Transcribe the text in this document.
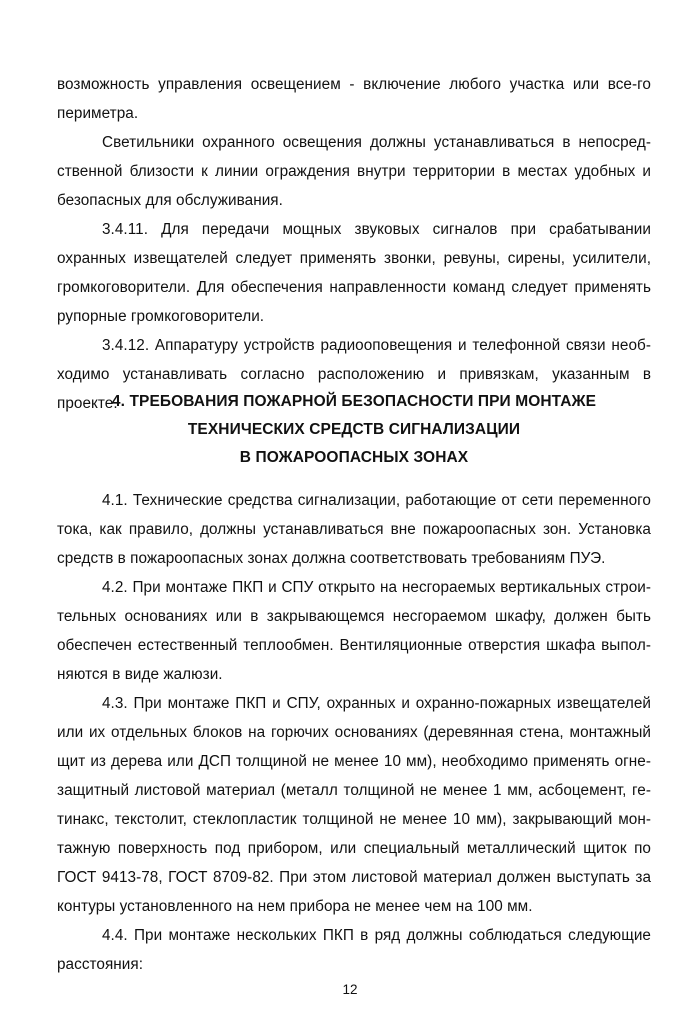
возможность управления освещением - включение любого участка или все-го периметра.

Светильники охранного освещения должны устанавливаться в непосред-ственной близости к линии ограждения внутри территории в местах удобных и безопасных для обслуживания.

3.4.11. Для передачи мощных звуковых сигналов при срабатывании охранных извещателей следует применять звонки, ревуны, сирены, усилители, громкоговорители. Для обеспечения направленности команд следует применять рупорные громкоговорители.

3.4.12. Аппаратуру устройств радиооповещения и телефонной связи необ-ходимо устанавливать согласно расположению и привязкам, указанным в проекте.

4. ТРЕБОВАНИЯ ПОЖАРНОЙ БЕЗОПАСНОСТИ ПРИ МОНТАЖЕ
ТЕХНИЧЕСКИХ СРЕДСТВ СИГНАЛИЗАЦИИ
В ПОЖАРООПАСНЫХ ЗОНАХ

4.1. Технические средства сигнализации, работающие от сети переменного тока, как правило, должны устанавливаться вне пожароопасных зон. Установка средств в пожароопасных зонах должна соответствовать требованиям ПУЭ.

4.2. При монтаже ПКП и СПУ открыто на несгораемых вертикальных строи-тельных основаниях или в закрывающемся несгораемом шкафу, должен быть обеспечен естественный теплообмен. Вентиляционные отверстия шкафа выпол-няются в виде жалюзи.

4.3. При монтаже ПКП и СПУ, охранных и охранно-пожарных извещателей или их отдельных блоков на горючих основаниях (деревянная стена, монтажный щит из дерева или ДСП толщиной не менее 10 мм), необходимо применять огне-защитный листовой материал (металл толщиной не менее 1 мм, асбоцемент, ге-тинакс, текстолит, стеклопластик толщиной не менее 10 мм), закрывающий мон-тажную поверхность под прибором, или специальный металлический щиток по ГОСТ 9413-78, ГОСТ 8709-82. При этом листовой материал должен выступать за контуры установленного на нем прибора не менее чем на 100 мм.

4.4. При монтаже нескольких ПКП в ряд должны соблюдаться следующие расстояния:

12
